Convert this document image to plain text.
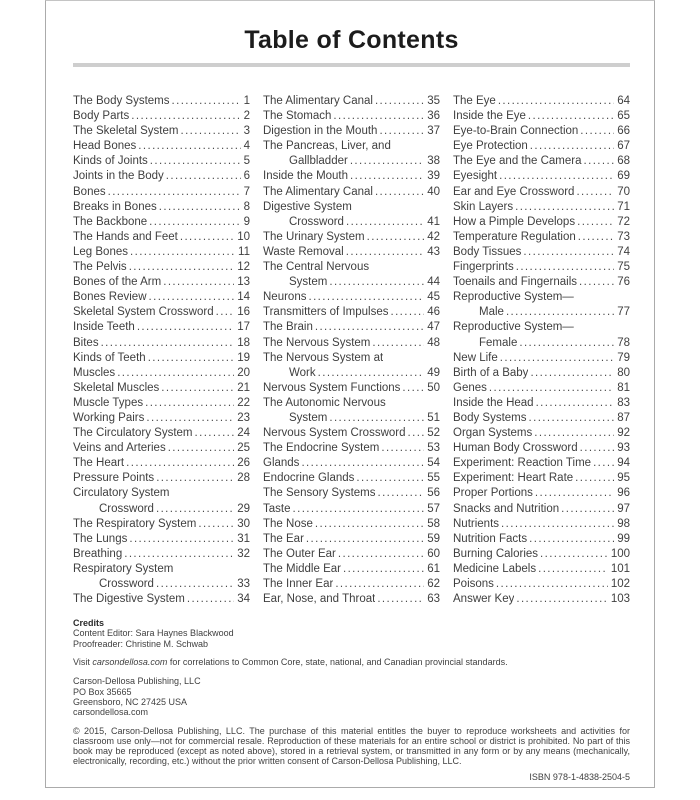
Table of Contents
The Body Systems .....	1
Body Parts .....	2
The Skeletal System .....	3
Head Bones .....	4
Kinds of Joints .....	5
Joints in the Body .....	6
Bones .....	7
Breaks in Bones .....	8
The Backbone .....	9
The Hands and Feet .....	10
Leg Bones .....	11
The Pelvis .....	12
Bones of the Arm .....	13
Bones Review .....	14
Skeletal System Crossword ..... 16
Inside Teeth .....	17
Bites .....	18
Kinds of Teeth .....	19
Muscles .....	20
Skeletal Muscles .....	21
Muscle Types .....	22
Working Pairs .....	23
The Circulatory System .....	24
Veins and Arteries .....	25
The Heart .....	26
Pressure Points .....	28
Circulatory System
Crossword .....	29
The Respiratory System .....	30
The Lungs .....	31
Breathing .....	32
Respiratory System
Crossword .....	33
The Digestive System .....	34
The Alimentary Canal .....	35
The Stomach .....	36
Digestion in the Mouth .....	37
The Pancreas, Liver, and
Gallbladder .....	38
Inside the Mouth .....	39
The Alimentary Canal .....	40
Digestive System
Crossword .....	41
The Urinary System .....	42
Waste Removal .....	43
The Central Nervous
System .....	44
Neurons .....	45
Transmitters of Impulses .....	46
The Brain .....	47
The Nervous System .....	48
The Nervous System at
Work .....	49
Nervous System Functions ..... 50
The Autonomic Nervous
System .....	51
Nervous System Crossword ..... 52
The Endocrine System .....	53
Glands .....	54
Endocrine Glands .....	55
The Sensory Systems .....	56
Taste .....	57
The Nose .....	58
The Ear .....	59
The Outer Ear .....	60
The Middle Ear .....	61
The Inner Ear .....	62
Ear, Nose, and Throat .....	63
The Eye .....	64
Inside the Eye .....	65
Eye-to-Brain Connection .....	66
Eye Protection .....	67
The Eye and the Camera .....	68
Eyesight .....	69
Ear and Eye Crossword .....	70
Skin Layers .....	71
How a Pimple Develops .....	72
Temperature Regulation .....	73
Body Tissues .....	74
Fingerprints .....	75
Toenails and Fingernails .....	76
Reproductive System—
Male .....	77
Reproductive System—
Female .....	78
New Life .....	79
Birth of a Baby .....	80
Genes .....	81
Inside the Head .....	83
Body Systems .....	87
Organ Systems .....	92
Human Body Crossword .....	93
Experiment: Reaction Time ..... 94
Experiment: Heart Rate .....	95
Proper Portions .....	96
Snacks and Nutrition .....	97
Nutrients .....	98
Nutrition Facts .....	99
Burning Calories .....	100
Medicine Labels .....	101
Poisons .....	102
Answer Key .....	103
Credits
Content Editor: Sara Haynes Blackwood
Proofreader: Christine M. Schwab
Visit carsondellosa.com for correlations to Common Core, state, national, and Canadian provincial standards.
Carson-Dellosa Publishing, LLC
PO Box 35665
Greensboro, NC 27425 USA
carsondellosa.com
© 2015, Carson-Dellosa Publishing, LLC. The purchase of this material entitles the buyer to reproduce worksheets and activities for classroom use only—not for commercial resale. Reproduction of these materials for an entire school or district is prohibited. No part of this book may be reproduced (except as noted above), stored in a retrieval system, or transmitted in any form or by any means (mechanically, electronically, recording, etc.) without the prior written consent of Carson-Dellosa Publishing, LLC.
ISBN 978-1-4838-2504-5
